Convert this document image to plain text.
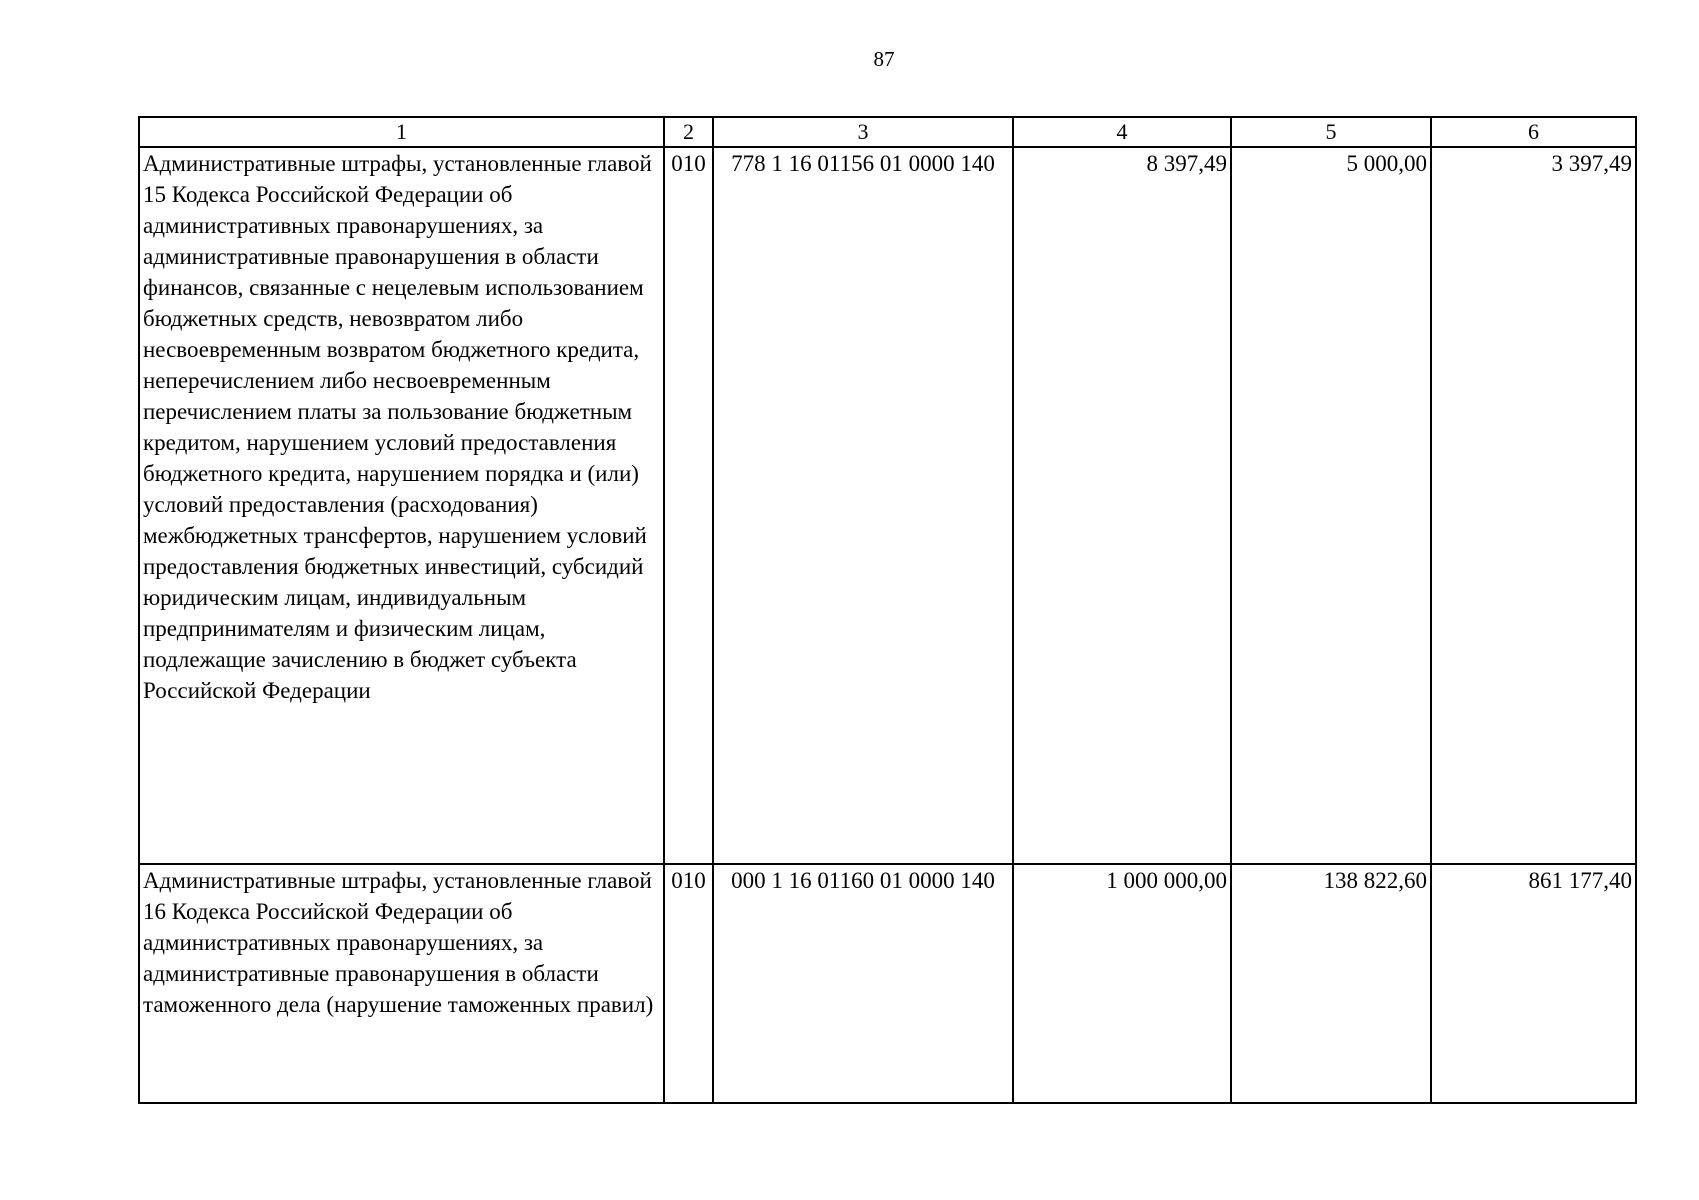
87
1	2	3	4	5	6
Административные штрафы, установленные главой 15 Кодекса Российской Федерации об административных правонарушениях, за административные правонарушения в области финансов, связанные с нецелевым использованием бюджетных средств, невозвратом либо несвоевременным возвратом бюджетного кредита, неперечислением либо несвоевременным перечислением платы за пользование бюджетным кредитом, нарушением условий предоставления бюджетного кредита, нарушением порядка и (или) условий предоставления (расходования) межбюджетных трансфертов, нарушением условий предоставления бюджетных инвестиций, субсидий юридическим лицам, индивидуальным предпринимателям и физическим лицам, подлежащие зачислению в бюджет субъекта Российской Федерации	010	778 1 16 01156 01 0000 140	8 397,49	5 000,00	3 397,49
Административные штрафы, установленные главой 16 Кодекса Российской Федерации об административных правонарушениях, за административные правонарушения в области таможенного дела (нарушение таможенных правил)	010	000 1 16 01160 01 0000 140	1 000 000,00	138 822,60	861 177,40
